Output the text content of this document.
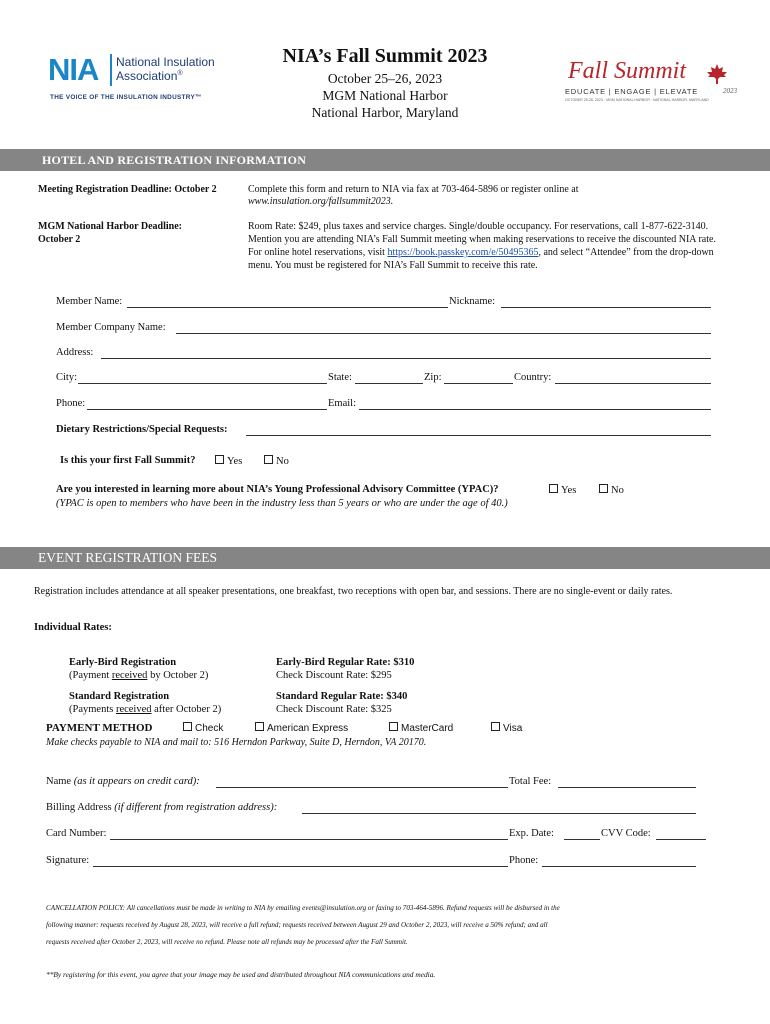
NIA National Insulation
Association®
THE VOICE OF THE INSULATION INDUSTRY™
NIA’s Fall Summit 2023
October 25–26, 2023
MGM National Harbor
National Harbor, Maryland
Fall Summit
EDUCATE | ENGAGE | ELEVATE	2023
OCTOBER 25-26, 2023 · MGM NATIONAL HARBOR · NATIONAL HARBOR, MARYLAND
HOTEL AND REGISTRATION INFORMATION
Meeting Registration Deadline: October 2	Complete this form and return to NIA via fax at 703-464-5896 or register online at
www.insulation.org/fallsummit2023.
MGM National Harbor Deadline:
October 2
Room Rate: $249, plus taxes and service charges. Single/double occupancy. For reservations, call 1-877-622-3140.
Mention you are attending NIA’s Fall Summit meeting when making reservations to receive the discounted NIA rate.
For online hotel reservations, visit https://book.passkey.com/e/50495365, and select “Attendee” from the drop-down
menu. You must be registered for NIA’s Fall Summit to receive this rate.
Member Name:	Nickname:
Member Company Name:
Address:
City:	State:	Zip:	Country:
Phone:	Email:
Dietary Restrictions/Special Requests:
Is this your first Fall Summit?	Yes	No
Are you interested in learning more about NIA’s Young Professional Advisory Committee (YPAC)?	Yes	No
(YPAC is open to members who have been in the industry less than 5 years or who are under the age of 40.)
EVENT REGISTRATION FEES
Registration includes attendance at all speaker presentations, one breakfast, two receptions with open bar, and sessions. There are no single-event or daily rates.
Individual Rates:
Early-Bird Registration
(Payment received by October 2)
Early-Bird Regular Rate: $310
Check Discount Rate: $295
Standard Registration
(Payments received after October 2)
Standard Regular Rate: $340
Check Discount Rate: $325
PAYMENT METHOD	Check	American Express	MasterCard	Visa
Make checks payable to NIA and mail to: 516 Herndon Parkway, Suite D, Herndon, VA 20170.
Name (as it appears on credit card):	Total Fee:
Billing Address (if different from registration address):
Card Number:	Exp. Date:	CVV Code:
Signature:	Phone:
CANCELLATION POLICY: All cancellations must be made in writing to NIA by emailing events@insulation.org or faxing to 703-464-5896. Refund requests will be disbursed in the
following manner: requests received by August 28, 2023, will receive a full refund; requests received between August 29 and October 2, 2023, will receive a 50% refund; and all
requests received after October 2, 2023, will receive no refund. Please note all refunds may be processed after the Fall Summit.
**By registering for this event, you agree that your image may be used and distributed throughout NIA communications and media.
